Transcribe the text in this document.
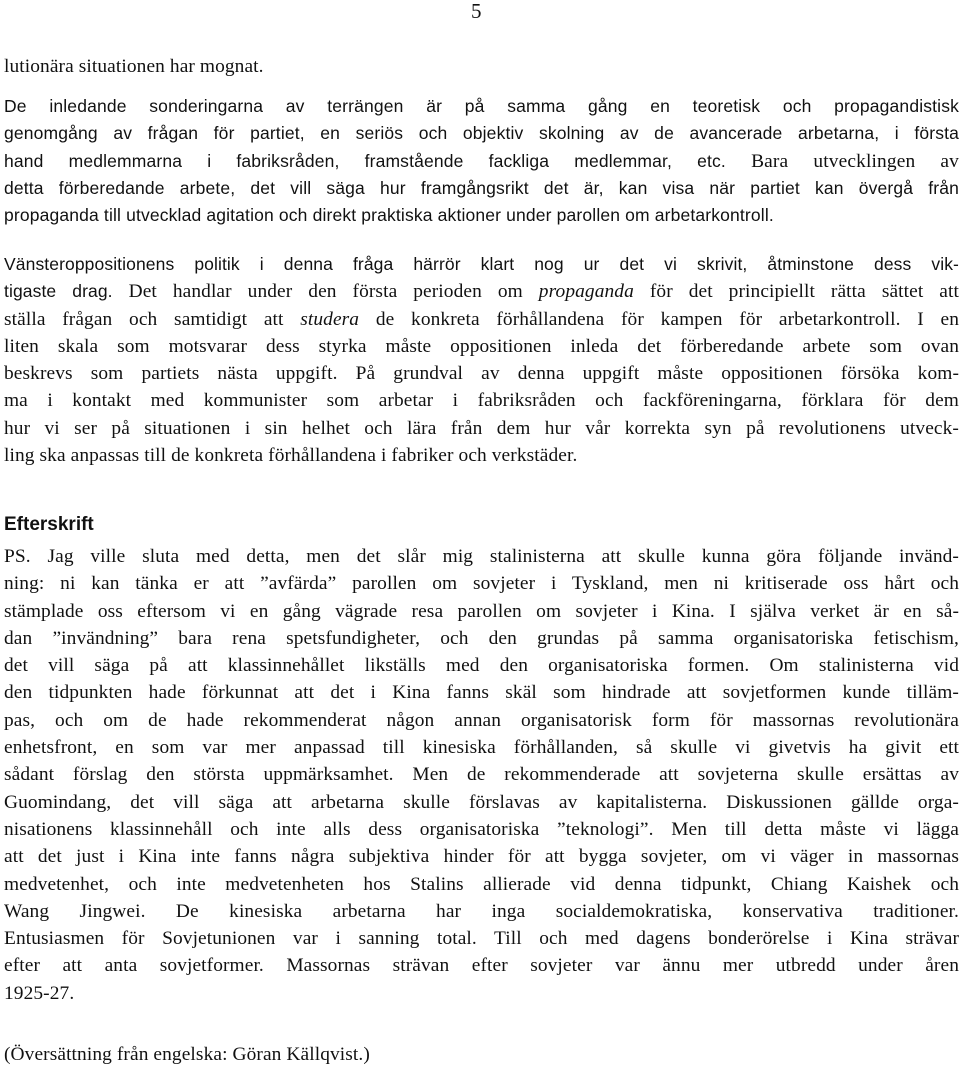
5
lutionära situationen har mognat.
De inledande sonderingarna av terrängen är på samma gång en teoretisk och propagandistisk
genomgång av frågan för partiet, en seriös och objektiv skolning av de avancerade arbetarna, i första
hand medlemmarna i fabriksråden, framstående fackliga medlemmar, etc. Bara utvecklingen av
detta förberedande arbete, det vill säga hur framgångsrikt det är, kan visa när partiet kan övergå från
propaganda till utvecklad agitation och direkt praktiska aktioner under parollen om arbetarkontroll.
Vänsteroppositionens politik i denna fråga härrör klart nog ur det vi skrivit, åtminstone dess vik-
tigaste drag. Det handlar under den första perioden om propaganda för det principiellt rätta sättet att
ställa frågan och samtidigt att studera de konkreta förhållandena för kampen för arbetarkontroll. I en
liten skala som motsvarar dess styrka måste oppositionen inleda det förberedande arbete som ovan
beskrevs som partiets nästa uppgift. På grundval av denna uppgift måste oppositionen försöka kom-
ma i kontakt med kommunister som arbetar i fabriksråden och fackföreningarna, förklara för dem
hur vi ser på situationen i sin helhet och lära från dem hur vår korrekta syn på revolutionens utveck-
ling ska anpassas till de konkreta förhållandena i fabriker och verkstäder.
Efterskrift
PS. Jag ville sluta med detta, men det slår mig stalinisterna att skulle kunna göra följande invänd-
ning: ni kan tänka er att ”avfärda” parollen om sovjeter i Tyskland, men ni kritiserade oss hårt och
stämplade oss eftersom vi en gång vägrade resa parollen om sovjeter i Kina. I själva verket är en så-
dan ”invändning” bara rena spetsfundigheter, och den grundas på samma organisatoriska fetischism,
det vill säga på att klassinnehållet likställs med den organisatoriska formen. Om stalinisterna vid
den tidpunkten hade förkunnat att det i Kina fanns skäl som hindrade att sovjetformen kunde tilläm-
pas, och om de hade rekommenderat någon annan organisatorisk form för massornas revolutionära
enhetsfront, en som var mer anpassad till kinesiska förhållanden, så skulle vi givetvis ha givit ett
sådant förslag den största uppmärksamhet. Men de rekommenderade att sovjeterna skulle ersättas av
Guomindang, det vill säga att arbetarna skulle förslavas av kapitalisterna. Diskussionen gällde orga-
nisationens klassinnehåll och inte alls dess organisatoriska ”teknologi”. Men till detta måste vi lägga
att det just i Kina inte fanns några subjektiva hinder för att bygga sovjeter, om vi väger in massornas
medvetenhet, och inte medvetenheten hos Stalins allierade vid denna tidpunkt, Chiang Kaishek och
Wang Jingwei. De kinesiska arbetarna har inga socialdemokratiska, konservativa traditioner.
Entusiasmen för Sovjetunionen var i sanning total. Till och med dagens bonderörelse i Kina strävar
efter att anta sovjetformer. Massornas strävan efter sovjeter var ännu mer utbredd under åren
1925-27.
(Översättning från engelska: Göran Källqvist.)
